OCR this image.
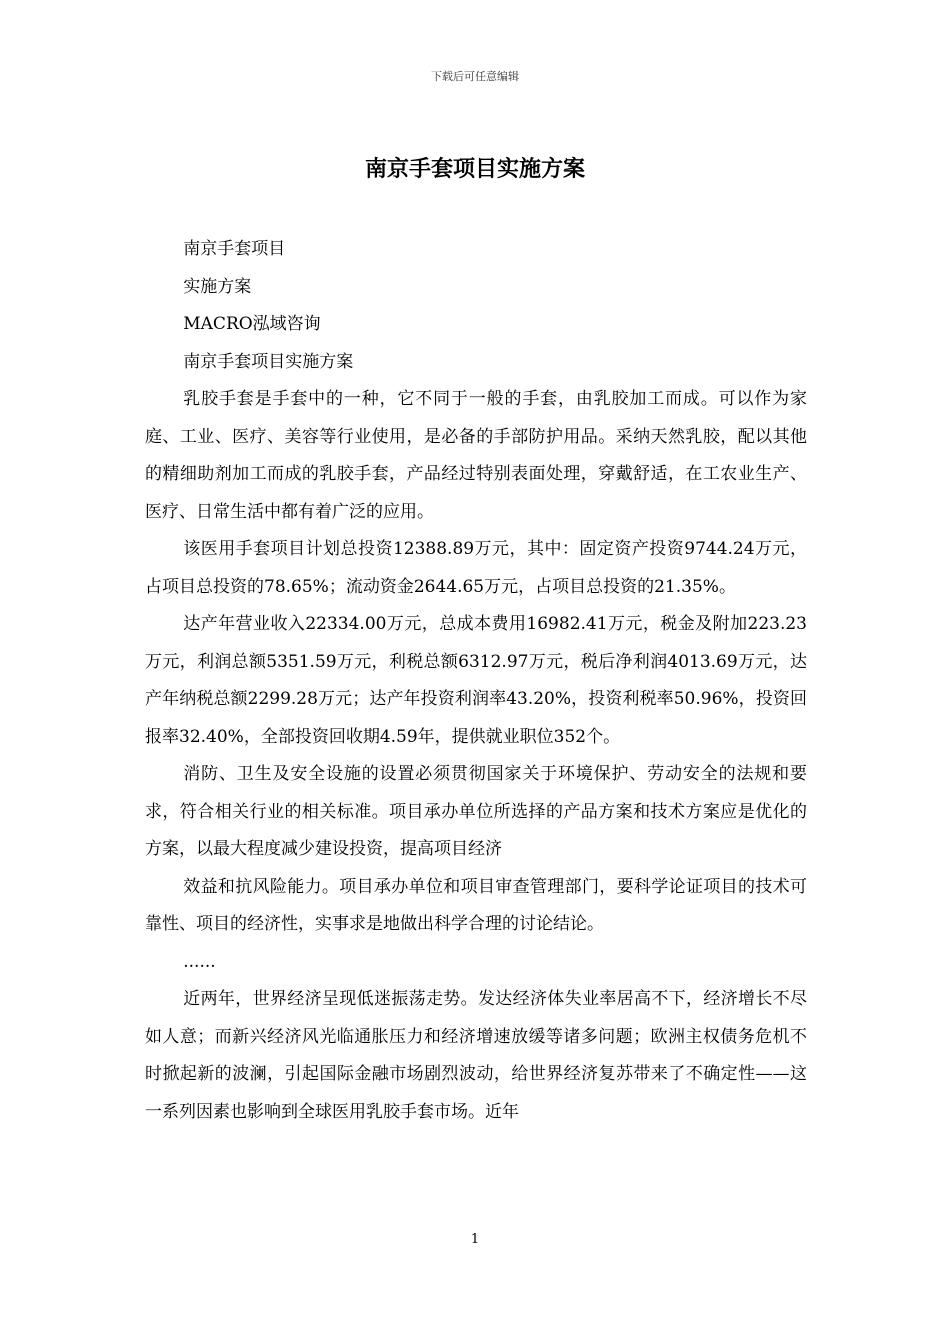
下载后可任意编辑
南京手套项目实施方案

南京手套项目

实施方案

MACRO泓域咨询

南京手套项目实施方案

乳胶手套是手套中的一种，它不同于一般的手套，由乳胶加工而成。可以作为家庭、工业、医疗、美容等行业使用，是必备的手部防护用品。采纳天然乳胶，配以其他的精细助剂加工而成的乳胶手套，产品经过特别表面处理，穿戴舒适，在工农业生产、医疗、日常生活中都有着广泛的应用。

该医用手套项目计划总投资12388.89万元，其中：固定资产投资9744.24万元，占项目总投资的78.65%；流动资金2644.65万元，占项目总投资的21.35%。

达产年营业收入22334.00万元，总成本费用16982.41万元，税金及附加223.23万元，利润总额5351.59万元，利税总额6312.97万元，税后净利润4013.69万元，达产年纳税总额2299.28万元；达产年投资利润率43.20%，投资利税率50.96%，投资回报率32.40%，全部投资回收期4.59年，提供就业职位352个。

消防、卫生及安全设施的设置必须贯彻国家关于环境保护、劳动安全的法规和要求，符合相关行业的相关标准。项目承办单位所选择的产品方案和技术方案应是优化的方案，以最大程度减少建设投资，提高项目经济

效益和抗风险能力。项目承办单位和项目审查管理部门，要科学论证项目的技术可靠性、项目的经济性，实事求是地做出科学合理的讨论结论。

......

近两年，世界经济呈现低迷振荡走势。发达经济体失业率居高不下，经济增长不尽如人意；而新兴经济风光临通胀压力和经济增速放缓等诸多问题；欧洲主权债务危机不时掀起新的波澜，引起国际金融市场剧烈波动，给世界经济复苏带来了不确定性——这一系列因素也影响到全球医用乳胶手套市场。近年

1
